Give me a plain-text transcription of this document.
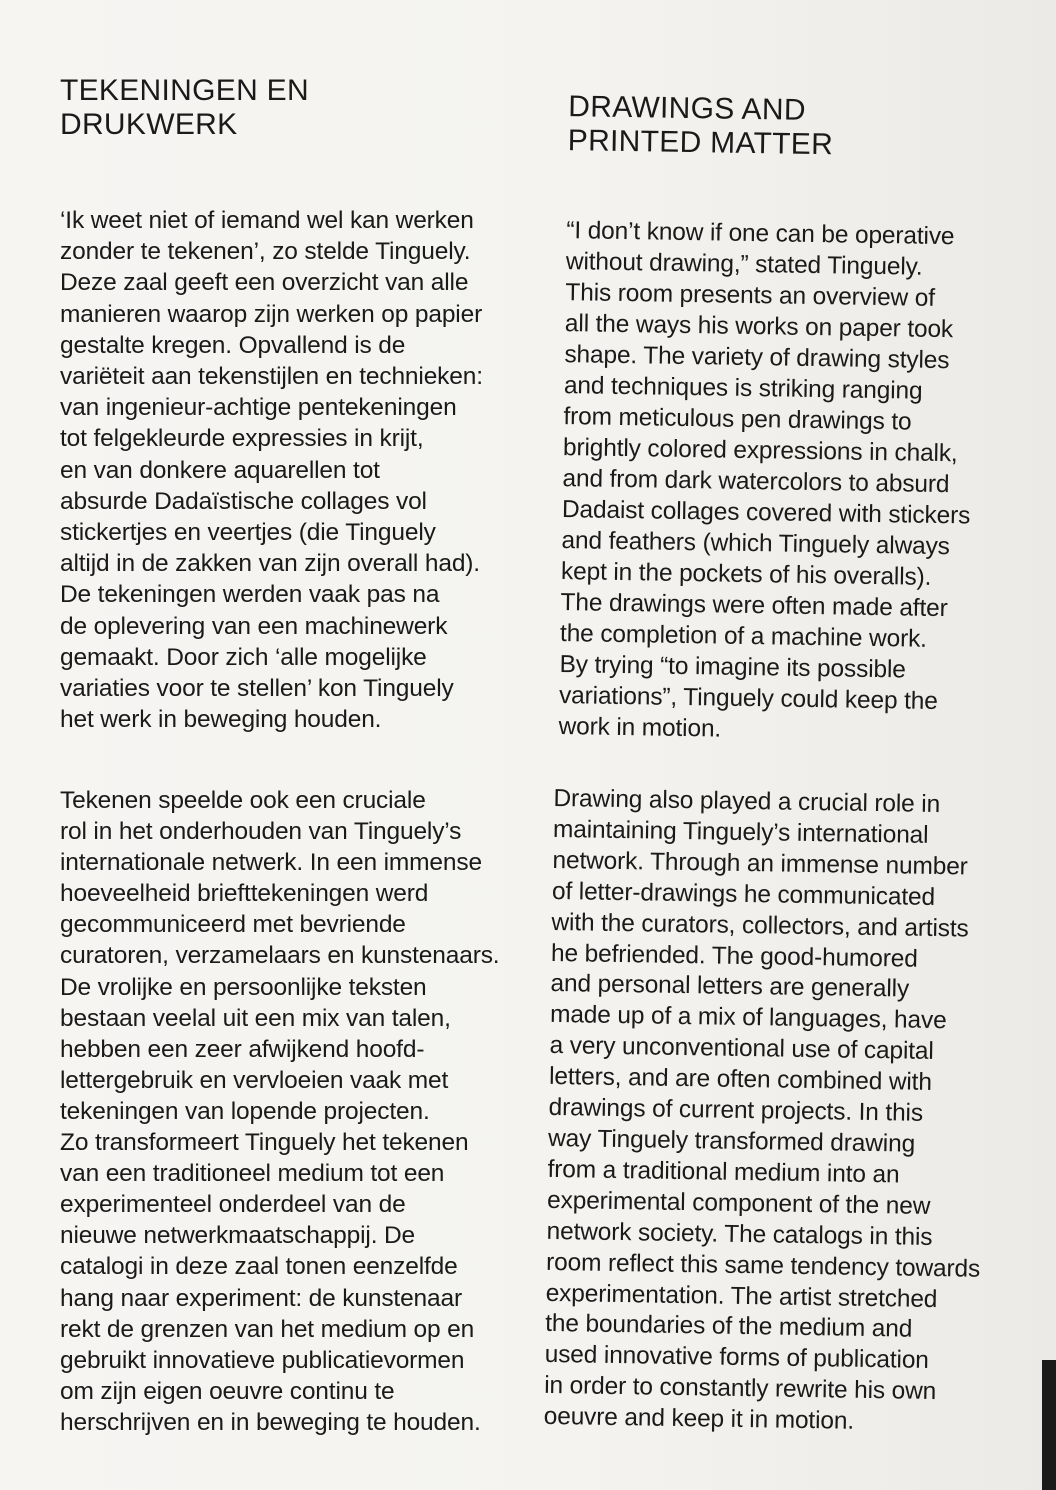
TEKENINGEN EN
DRUKWERK

‘Ik weet niet of iemand wel kan werken
zonder te tekenen’, zo stelde Tinguely.
Deze zaal geeft een overzicht van alle
manieren waarop zijn werken op papier
gestalte kregen. Opvallend is de
variëteit aan tekenstijlen en technieken:
van ingenieur-achtige pentekeningen
tot felgekleurde expressies in krijt,
en van donkere aquarellen tot
absurde Dadaïstische collages vol
stickertjes en veertjes (die Tinguely
altijd in de zakken van zijn overall had).
De tekeningen werden vaak pas na
de oplevering van een machinewerk
gemaakt. Door zich ‘alle mogelijke
variaties voor te stellen’ kon Tinguely
het werk in beweging houden.

Tekenen speelde ook een cruciale
rol in het onderhouden van Tinguely’s
internationale netwerk. In een immense
hoeveelheid briefttekeningen werd
gecommuniceerd met bevriende
curatoren, verzamelaars en kunstenaars.
De vrolijke en persoonlijke teksten
bestaan veelal uit een mix van talen,
hebben een zeer afwijkend hoofd-
lettergebruik en vervloeien vaak met
tekeningen van lopende projecten.
Zo transformeert Tinguely het tekenen
van een traditioneel medium tot een
experimenteel onderdeel van de
nieuwe netwerkmaatschappij. De
catalogi in deze zaal tonen eenzelfde
hang naar experiment: de kunstenaar
rekt de grenzen van het medium op en
gebruikt innovatieve publicatievormen
om zijn eigen oeuvre continu te
herschrijven en in beweging te houden.

DRAWINGS AND
PRINTED MATTER

“I don’t know if one can be operative
without drawing,” stated Tinguely.
This room presents an overview of
all the ways his works on paper took
shape. The variety of drawing styles
and techniques is striking ranging
from meticulous pen drawings to
brightly colored expressions in chalk,
and from dark watercolors to absurd
Dadaist collages covered with stickers
and feathers (which Tinguely always
kept in the pockets of his overalls).
The drawings were often made after
the completion of a machine work.
By trying “to imagine its possible
variations”, Tinguely could keep the
work in motion.

Drawing also played a crucial role in
maintaining Tinguely’s international
network. Through an immense number
of letter-drawings he communicated
with the curators, collectors, and artists
he befriended. The good-humored
and personal letters are generally
made up of a mix of languages, have
a very unconventional use of capital
letters, and are often combined with
drawings of current projects. In this
way Tinguely transformed drawing
from a traditional medium into an
experimental component of the new
network society. The catalogs in this
room reflect this same tendency towards
experimentation. The artist stretched
the boundaries of the medium and
used innovative forms of publication
in order to constantly rewrite his own
oeuvre and keep it in motion.
